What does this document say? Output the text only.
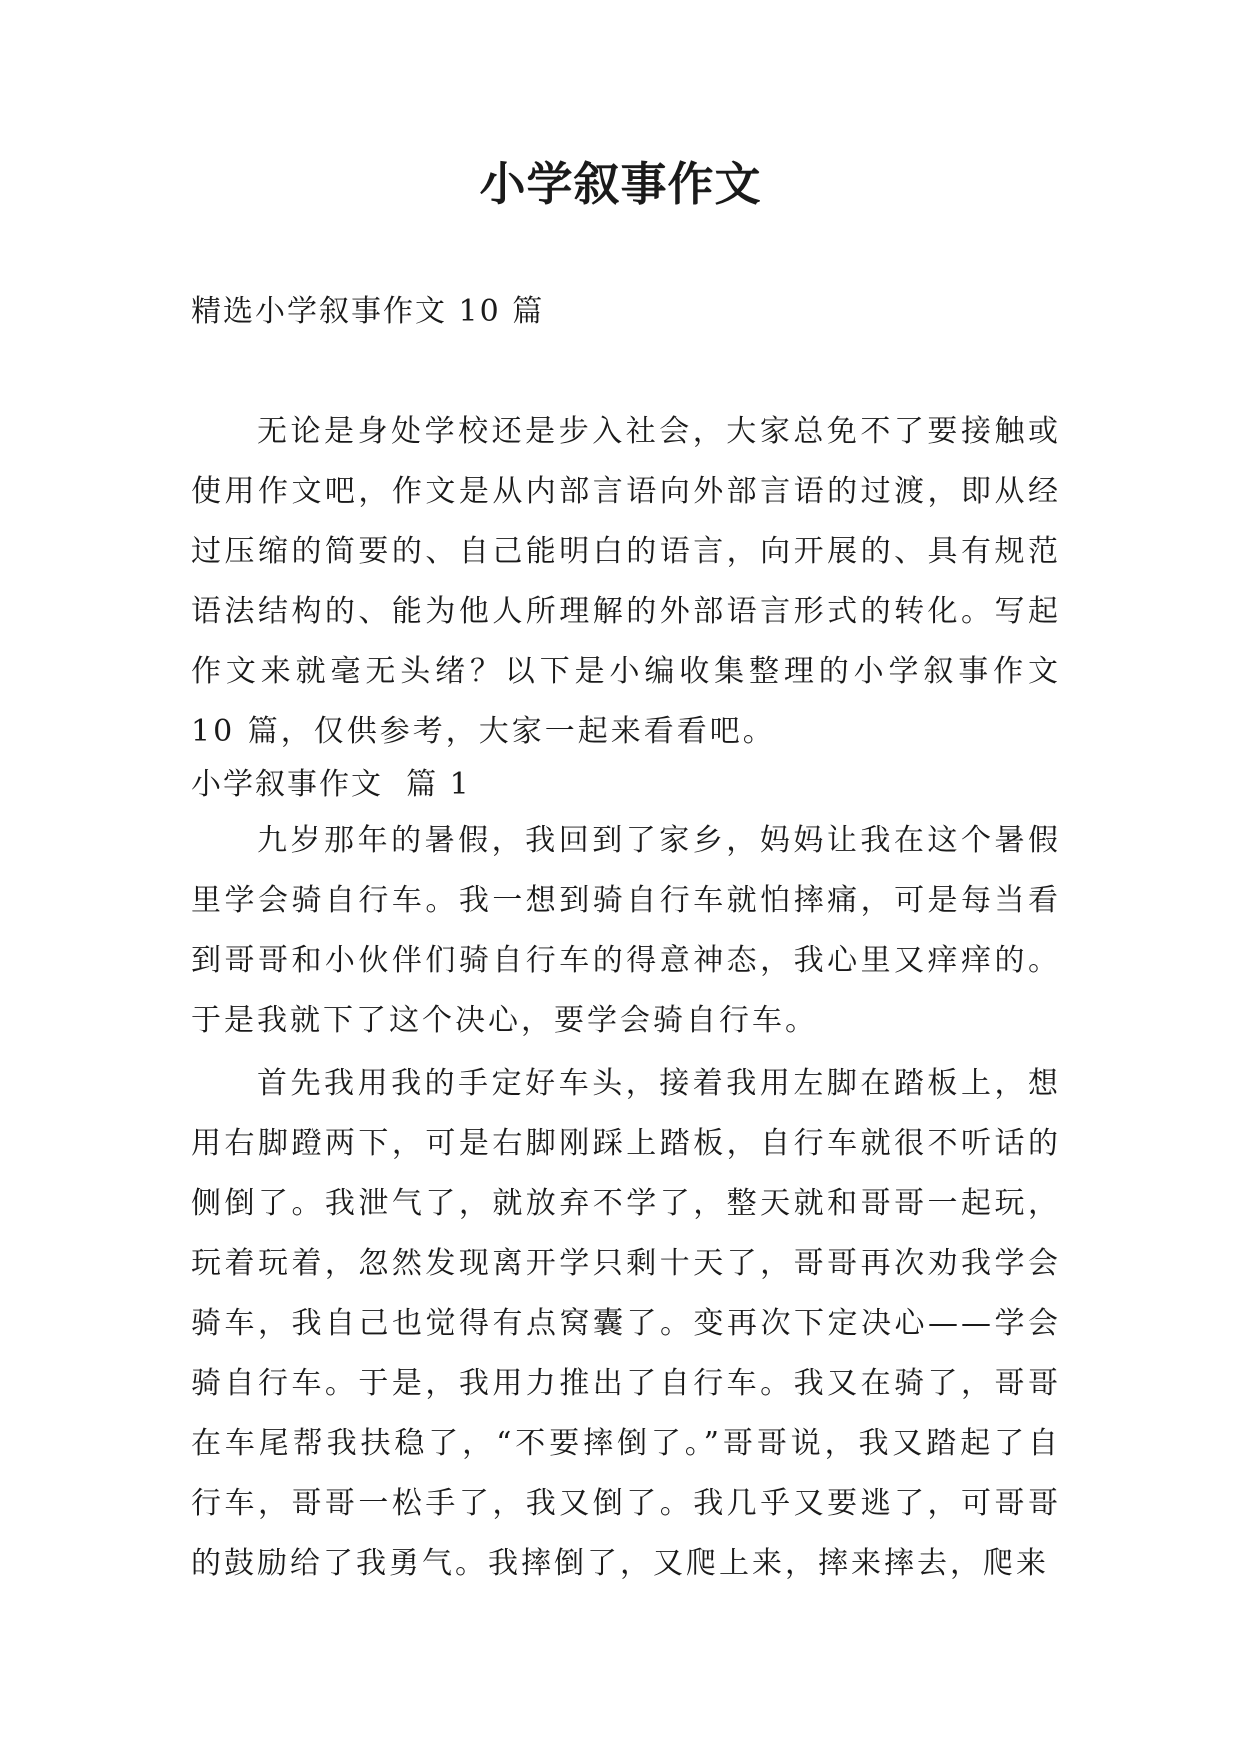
小学叙事作文

精选小学叙事作文 10 篇

无论是身处学校还是步入社会，大家总免不了要接触或使用作文吧，作文是从内部言语向外部言语的过渡，即从经过压缩的简要的、自己能明白的语言，向开展的、具有规范语法结构的、能为他人所理解的外部语言形式的转化。写起作文来就毫无头绪？以下是小编收集整理的小学叙事作文 10 篇，仅供参考，大家一起来看看吧。

小学叙事作文  篇 1

九岁那年的暑假，我回到了家乡，妈妈让我在这个暑假里学会骑自行车。我一想到骑自行车就怕摔痛，可是每当看到哥哥和小伙伴们骑自行车的得意神态，我心里又痒痒的。于是我就下了这个决心，要学会骑自行车。

首先我用我的手定好车头，接着我用左脚在踏板上，想用右脚蹬两下，可是右脚刚踩上踏板，自行车就很不听话的侧倒了。我泄气了，就放弃不学了，整天就和哥哥一起玩，玩着玩着，忽然发现离开学只剩十天了，哥哥再次劝我学会骑车，我自己也觉得有点窝囊了。变再次下定决心——学会骑自行车。于是，我用力推出了自行车。我又在骑了，哥哥在车尾帮我扶稳了，“不要摔倒了。”哥哥说，我又踏起了自行车，哥哥一松手了，我又倒了。我几乎又要逃了，可哥哥的鼓励给了我勇气。我摔倒了，又爬上来，摔来摔去，爬来
